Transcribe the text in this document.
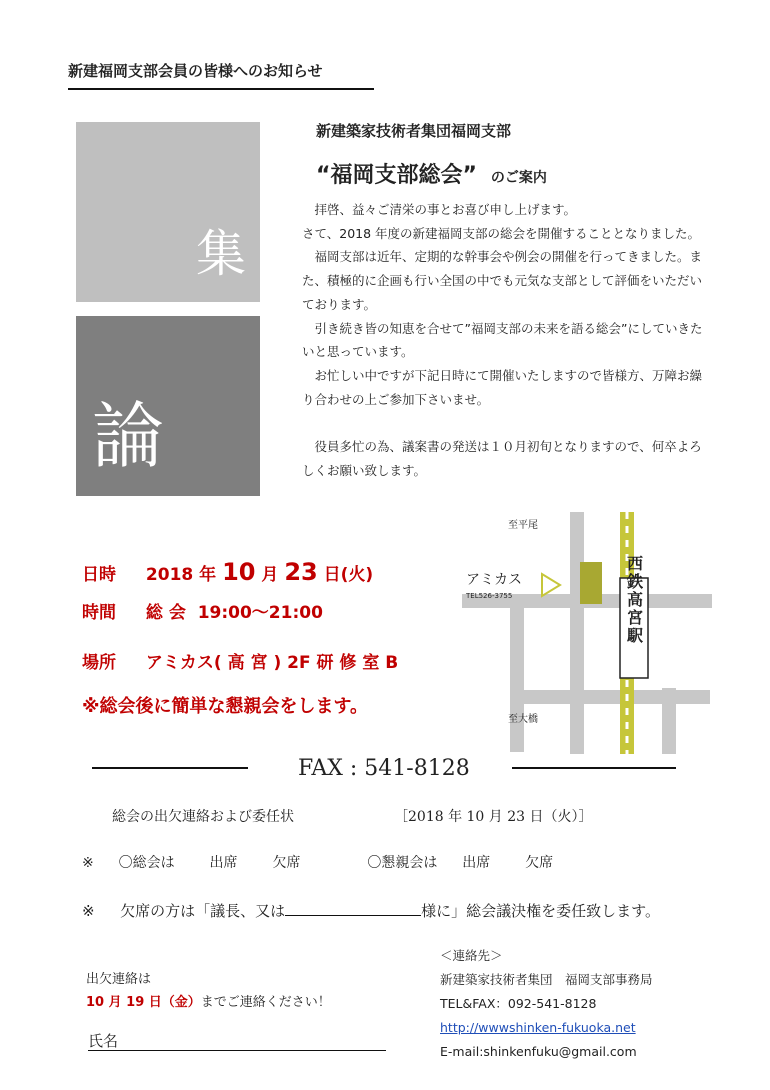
新建福岡支部会員の皆様へのお知らせ
集
論
新建築家技術者集団福岡支部
“福岡支部総会” のご案内

拝啓、益々ご清栄の事とお喜び申し上げます。

さて、2018 年度の新建福岡支部の総会を開催することとなりました。

福岡支部は近年、定期的な幹事会や例会の開催を行ってきました。また、積極的に企画も行い全国の中でも元気な支部として評価をいただいております。

引き続き皆の知恵を合せて”福岡支部の未来を語る総会”にしていきたいと思っています。

お忙しい中ですが下記日時にて開催いたしますので皆様方、万障お繰り合わせの上ご参加下さいませ。

役員多忙の為、議案書の発送は１０月初旬となりますので、何卒よろしくお願い致します。

日時 2018 年 10 月 23 日(火)
時間 総 会 19:00～21:00
場所 アミカス( 高 宮 ) 2F 研 修 室 B
※総会後に簡単な懇親会をします。
至平尾
至大橋
アミカス
TEL526-3755	西鉄高宮駅
FAX : 541-8128
総会の出欠連絡および委任状	［2018 年 10 月 23 日（火）］
※ 〇総会は 出席 欠席	〇懇親会は 出席 欠席
※ 欠席の方は「議長、又は	様に」総会議決権を委任致します。
出欠連絡は
10 月 19 日（金）までご連絡ください！
氏名
＜連絡先＞
新建築家技術者集団　福岡支部事務局
TEL&FAX：092-541-8128
http://wwwshinken-fukuoka.net
E-mail:shinkenfuku@gmail.com
